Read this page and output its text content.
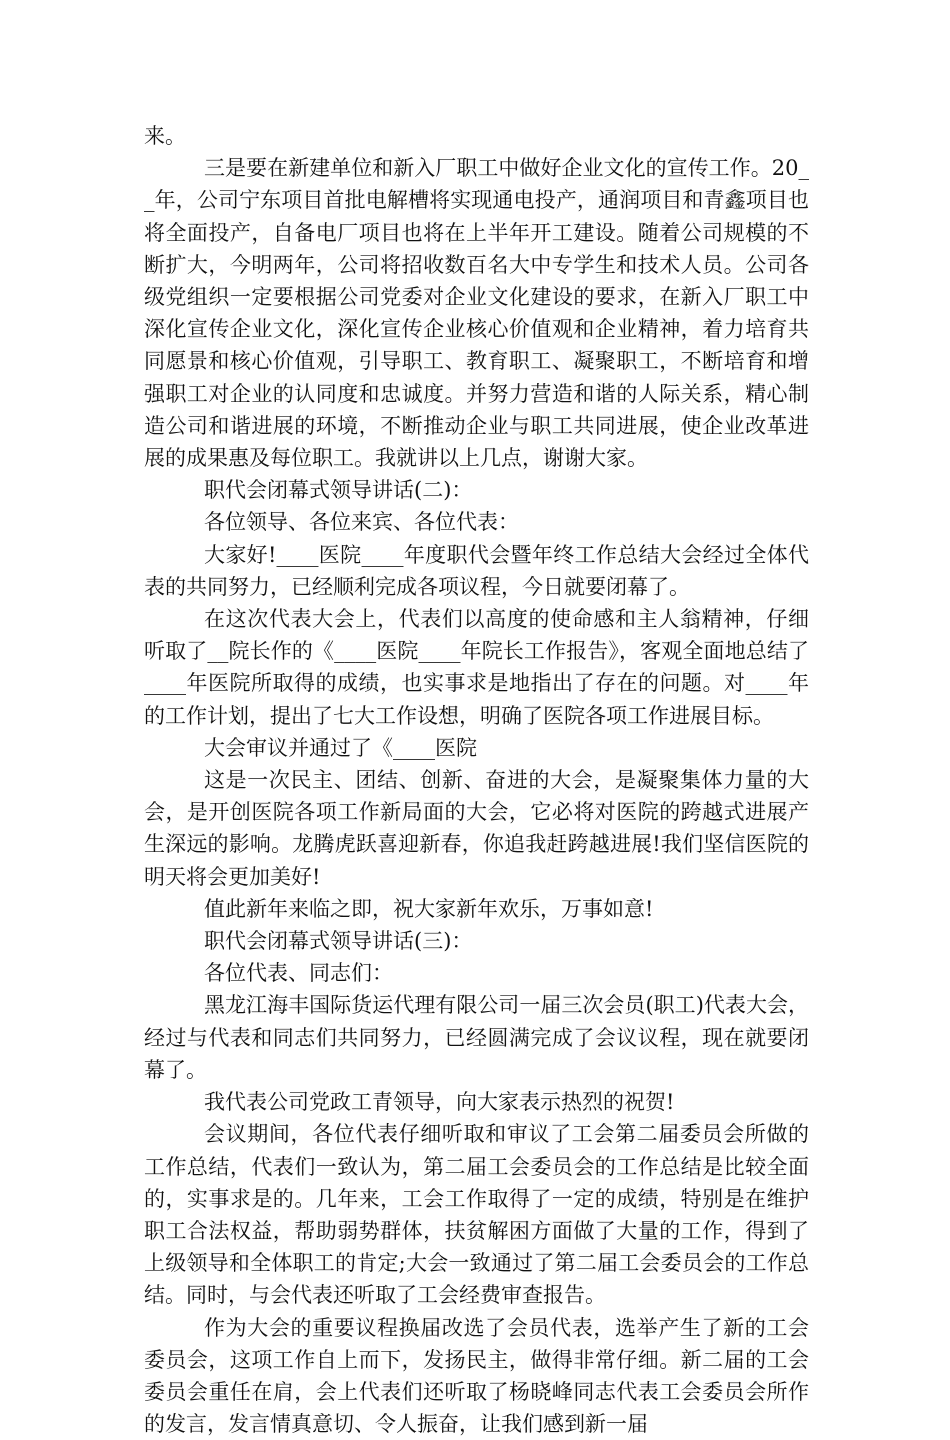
来。

三是要在新建单位和新入厂职工中做好企业文化的宣传工作。20__年，公司宁东项目首批电解槽将实现通电投产，通润项目和青鑫项目也将全面投产，自备电厂项目也将在上半年开工建设。随着公司规模的不断扩大，今明两年，公司将招收数百名大中专学生和技术人员。公司各级党组织一定要根据公司党委对企业文化建设的要求，在新入厂职工中深化宣传企业文化，深化宣传企业核心价值观和企业精神，着力培育共同愿景和核心价值观，引导职工、教育职工、凝聚职工，不断培育和增强职工对企业的认同度和忠诚度。并努力营造和谐的人际关系，精心制造公司和谐进展的环境，不断推动企业与职工共同进展，使企业改革进展的成果惠及每位职工。我就讲以上几点，谢谢大家。

职代会闭幕式领导讲话(二)：

各位领导、各位来宾、各位代表：

大家好!____医院____年度职代会暨年终工作总结大会经过全体代表的共同努力，已经顺利完成各项议程，今日就要闭幕了。

在这次代表大会上，代表们以高度的使命感和主人翁精神，仔细听取了__院长作的《____医院____年院长工作报告》，客观全面地总结了____年医院所取得的成绩，也实事求是地指出了存在的问题。对____年的工作计划，提出了七大工作设想，明确了医院各项工作进展目标。

大会审议并通过了《____医院

这是一次民主、团结、创新、奋进的大会，是凝聚集体力量的大会，是开创医院各项工作新局面的大会，它必将对医院的跨越式进展产生深远的影响。龙腾虎跃喜迎新春，你追我赶跨越进展!我们坚信医院的明天将会更加美好!

值此新年来临之即，祝大家新年欢乐，万事如意!

职代会闭幕式领导讲话(三)：

各位代表、同志们：

黑龙江海丰国际货运代理有限公司一届三次会员(职工)代表大会，经过与代表和同志们共同努力，已经圆满完成了会议议程，现在就要闭幕了。

我代表公司党政工青领导，向大家表示热烈的祝贺!

会议期间，各位代表仔细听取和审议了工会第二届委员会所做的工作总结，代表们一致认为，第二届工会委员会的工作总结是比较全面的，实事求是的。几年来，工会工作取得了一定的成绩，特别是在维护职工合法权益，帮助弱势群体，扶贫解困方面做了大量的工作，得到了上级领导和全体职工的肯定;大会一致通过了第二届工会委员会的工作总结。同时，与会代表还听取了工会经费审查报告。

作为大会的重要议程换届改选了会员代表，选举产生了新的工会委员会，这项工作自上而下，发扬民主，做得非常仔细。新二届的工会委员会重任在肩，会上代表们还听取了杨晓峰同志代表工会委员会所作的发言，发言情真意切、令人振奋，让我们感到新一届
